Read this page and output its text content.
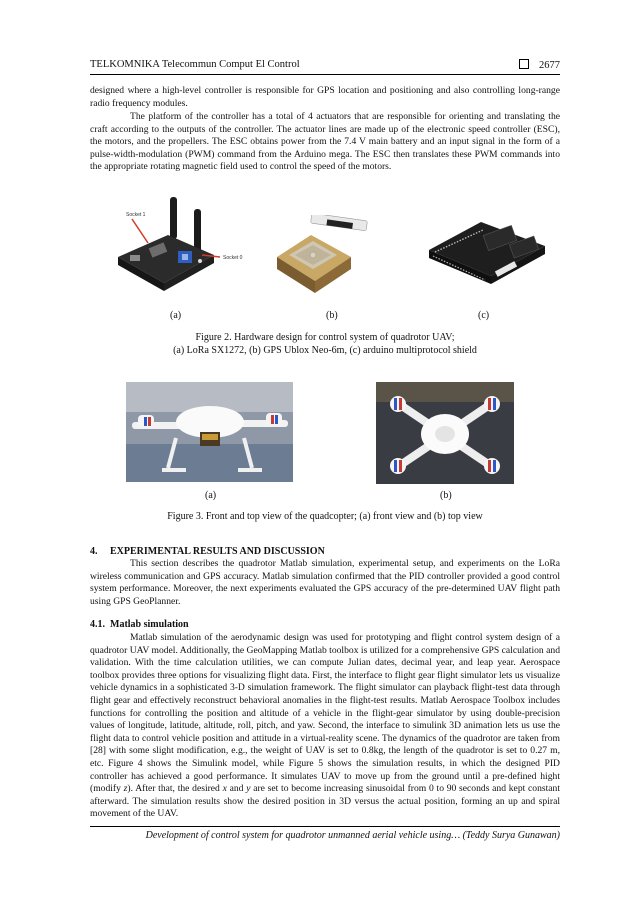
TELKOMNIKA Telecommun Comput El Control	2677

designed where a high-level controller is responsible for GPS location and positioning and also controlling long-range radio frequency modules.

The platform of the controller has a total of 4 actuators that are responsible for orienting and translating the craft according to the outputs of the controller. The actuator lines are made up of the electronic speed controller (ESC), the motors, and the propellers. The ESC obtains power from the 7.4 V main battery and an input signal in the form of a pulse-width-modulation (PWM) command from the Arduino mega. The ESC then translates these PWM commands into the appropriate rotating magnetic field used to control the speed of the motors.

Socket 1
Socket 0
(a)	(b)	(c)

Figure 2. Hardware design for control system of quadrotor UAV;
(a) LoRa SX1272, (b) GPS Ublox Neo-6m, (c) arduino multiprotocol shield

(a)	(b)

Figure 3. Front and top view of the quadcopter; (a) front view and (b) top view

4.     EXPERIMENTAL RESULTS AND DISCUSSION

This section describes the quadrotor Matlab simulation, experimental setup, and experiments on the LoRa wireless communication and GPS accuracy. Matlab simulation confirmed that the PID controller provided a good control system performance. Moreover, the next experiments evaluated the GPS accuracy of the pre-determined UAV flight path using GPS GeoPlanner.

4.1.  Matlab simulation

Matlab simulation of the aerodynamic design was used for prototyping and flight control system design of a quadrotor UAV model. Additionally, the GeoMapping Matlab toolbox is utilized for a comprehensive GPS calculation and validation. With the time calculation utilities, we can compute Julian dates, decimal year, and leap year. Aerospace toolbox provides three options for visualizing flight data. First, the interface to flight gear flight simulator lets us visualize vehicle dynamics in a sophisticated 3-D simulation framework. The flight simulator can playback flight-test data through flight gear and effectively reconstruct behavioral anomalies in the flight-test results. Matlab Aerospace Toolbox includes functions for controlling the position and altitude of a vehicle in the flight-gear simulator by using double-precision values of longitude, latitude, altitude, roll, pitch, and yaw. Second, the interface to simulink 3D animation lets us use the flight data to control vehicle position and attitude in a virtual-reality scene. The dynamics of the quadrotor are taken from [28] with some slight modification, e.g., the weight of UAV is set to 0.8kg, the length of the quadrotor is set to 0.27 m, etc. Figure 4 shows the Simulink model, while Figure 5 shows the simulation results, in which the designed PID controller has achieved a good performance. It simulates UAV to move up from the ground until a pre-defined hight (modify z). After that, the desired x and y are set to become increasing sinusoidal from 0 to 90 seconds and kept constant afterward. The simulation results show the desired position in 3D versus the actual position, forming an up and spiral movement of the UAV.

Development of control system for quadrotor unmanned aerial vehicle using… (Teddy Surya Gunawan)
